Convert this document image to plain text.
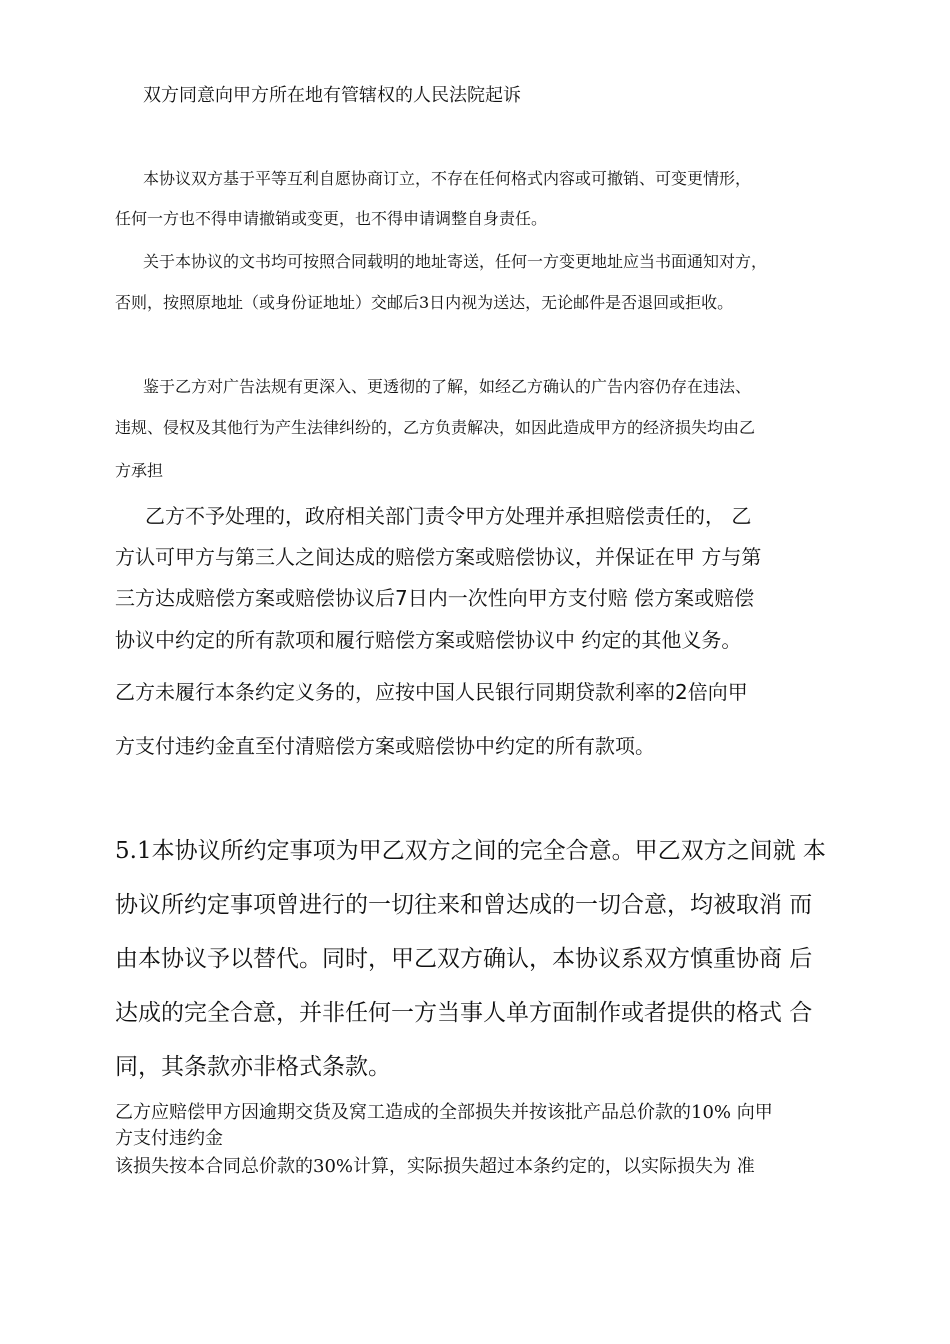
双方同意向甲方所在地有管辖权的人民法院起诉

本协议双方基于平等互利自愿协商订立，不存在任何格式内容或可撤销、可变更情形，

任何一方也不得申请撤销或变更，也不得申请调整自身责任。

关于本协议的文书均可按照合同载明的地址寄送，任何一方变更地址应当书面通知对方，

否则，按照原地址（或身份证地址）交邮后3日内视为送达，无论邮件是否退回或拒收。

鉴于乙方对广告法规有更深入、更透彻的了解，如经乙方确认的广告内容仍存在违法、

违规、侵权及其他行为产生法律纠纷的，乙方负责解决，如因此造成甲方的经济损失均由乙

方承担

乙方不予处理的，政府相关部门责令甲方处理并承担赔偿责任的， 乙

方认可甲方与第三人之间达成的赔偿方案或赔偿协议，并保证在甲 方与第

三方达成赔偿方案或赔偿协议后7日内一次性向甲方支付赔 偿方案或赔偿

协议中约定的所有款项和履行赔偿方案或赔偿协议中 约定的其他义务。

乙方未履行本条约定义务的，应按中国人民银行同期贷款利率的2倍向甲

方支付违约金直至付清赔偿方案或赔偿协中约定的所有款项。

5.1本协议所约定事项为甲乙双方之间的完全合意。甲乙双方之间就 本

协议所约定事项曾进行的一切往来和曾达成的一切合意，均被取消 而

由本协议予以替代。同时，甲乙双方确认，本协议系双方慎重协商 后

达成的完全合意，并非任何一方当事人单方面制作或者提供的格式 合

同，其条款亦非格式条款。

乙方应赔偿甲方因逾期交货及窝工造成的全部损失并按该批产品总价款的10% 向甲

方支付违约金

该损失按本合同总价款的30%计算，实际损失超过本条约定的，以实际损失为 准
